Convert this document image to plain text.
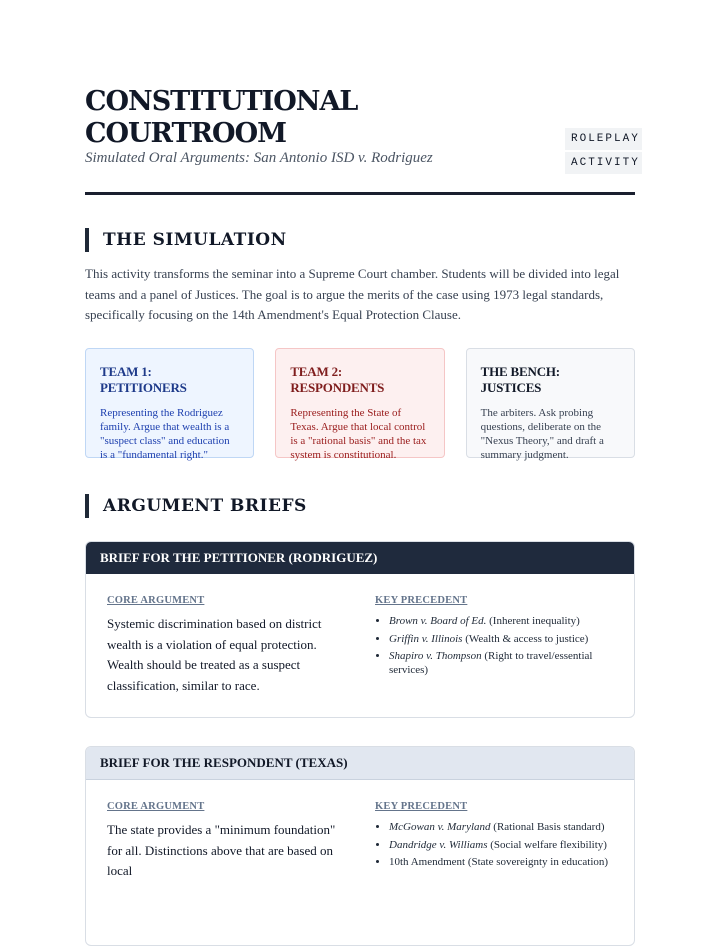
CONSTITUTIONAL COURTROOM
Simulated Oral Arguments: San Antonio ISD v. Rodriguez
ROLEPLAY
ACTIVITY
THE SIMULATION

This activity transforms the seminar into a Supreme Court chamber. Students will be divided into legal teams and a panel of Justices. The goal is to argue the merits of the case using 1973 legal standards, specifically focusing on the 14th Amendment's Equal Protection Clause.

TEAM 1: PETITIONERS

Representing the Rodriguez family. Argue that wealth is a "suspect class" and education is a "fundamental right."

TEAM 2: RESPONDENTS

Representing the State of Texas. Argue that local control is a "rational basis" and the tax system is constitutional.

THE BENCH: JUSTICES

The arbiters. Ask probing questions, deliberate on the "Nexus Theory," and draft a summary judgment.

ARGUMENT BRIEFS
BRIEF FOR THE PETITIONER (RODRIGUEZ)
CORE ARGUMENT

Systemic discrimination based on district wealth is a violation of equal protection. Wealth should be treated as a suspect classification, similar to race.

KEY PRECEDENT
• Brown v. Board of Ed. (Inherent inequality)
• Griffin v. Illinois (Wealth & access to justice)
• Shapiro v. Thompson (Right to travel/essential services)
BRIEF FOR THE RESPONDENT (TEXAS)
CORE ARGUMENT

The state provides a "minimum foundation" for all. Distinctions above that are based on local

KEY PRECEDENT
• McGowan v. Maryland (Rational Basis standard)
• Dandridge v. Williams (Social welfare flexibility)
• 10th Amendment (State sovereignty in education)
